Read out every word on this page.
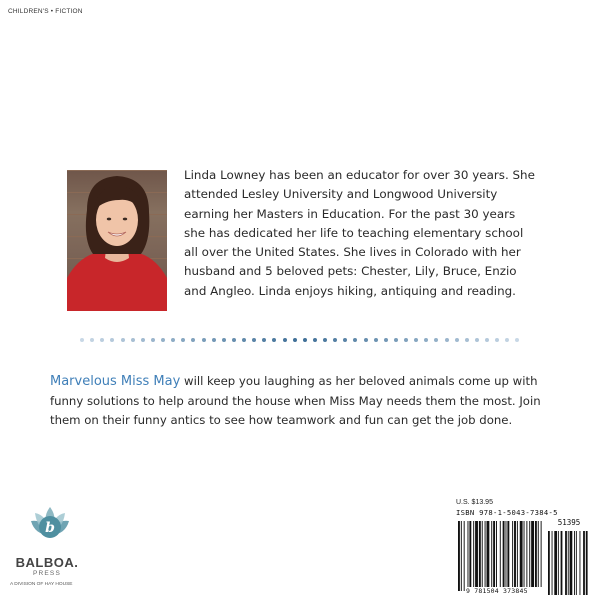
CHILDREN'S • FICTION
Linda Lowney has been an educator for over 30 years. She attended Lesley University and Longwood University earning her Masters in Education. For the past 30 years she has dedicated her life to teaching elementary school all over the United States. She lives in Colorado with her husband and 5 beloved pets: Chester, Lily, Bruce, Enzio and Angleo. Linda enjoys hiking, antiquing and reading.
Marvelous Miss May will keep you laughing as her beloved animals come up with funny solutions to help around the house when Miss May needs them the most. Join them on their funny antics to see how teamwork and fun can get the job done.
b
BALBOA.
PRESS
A DIVISION OF HAY HOUSE
U.S. $13.95
ISBN 978-1-5043-7384-5
51395
9 781504 373845
